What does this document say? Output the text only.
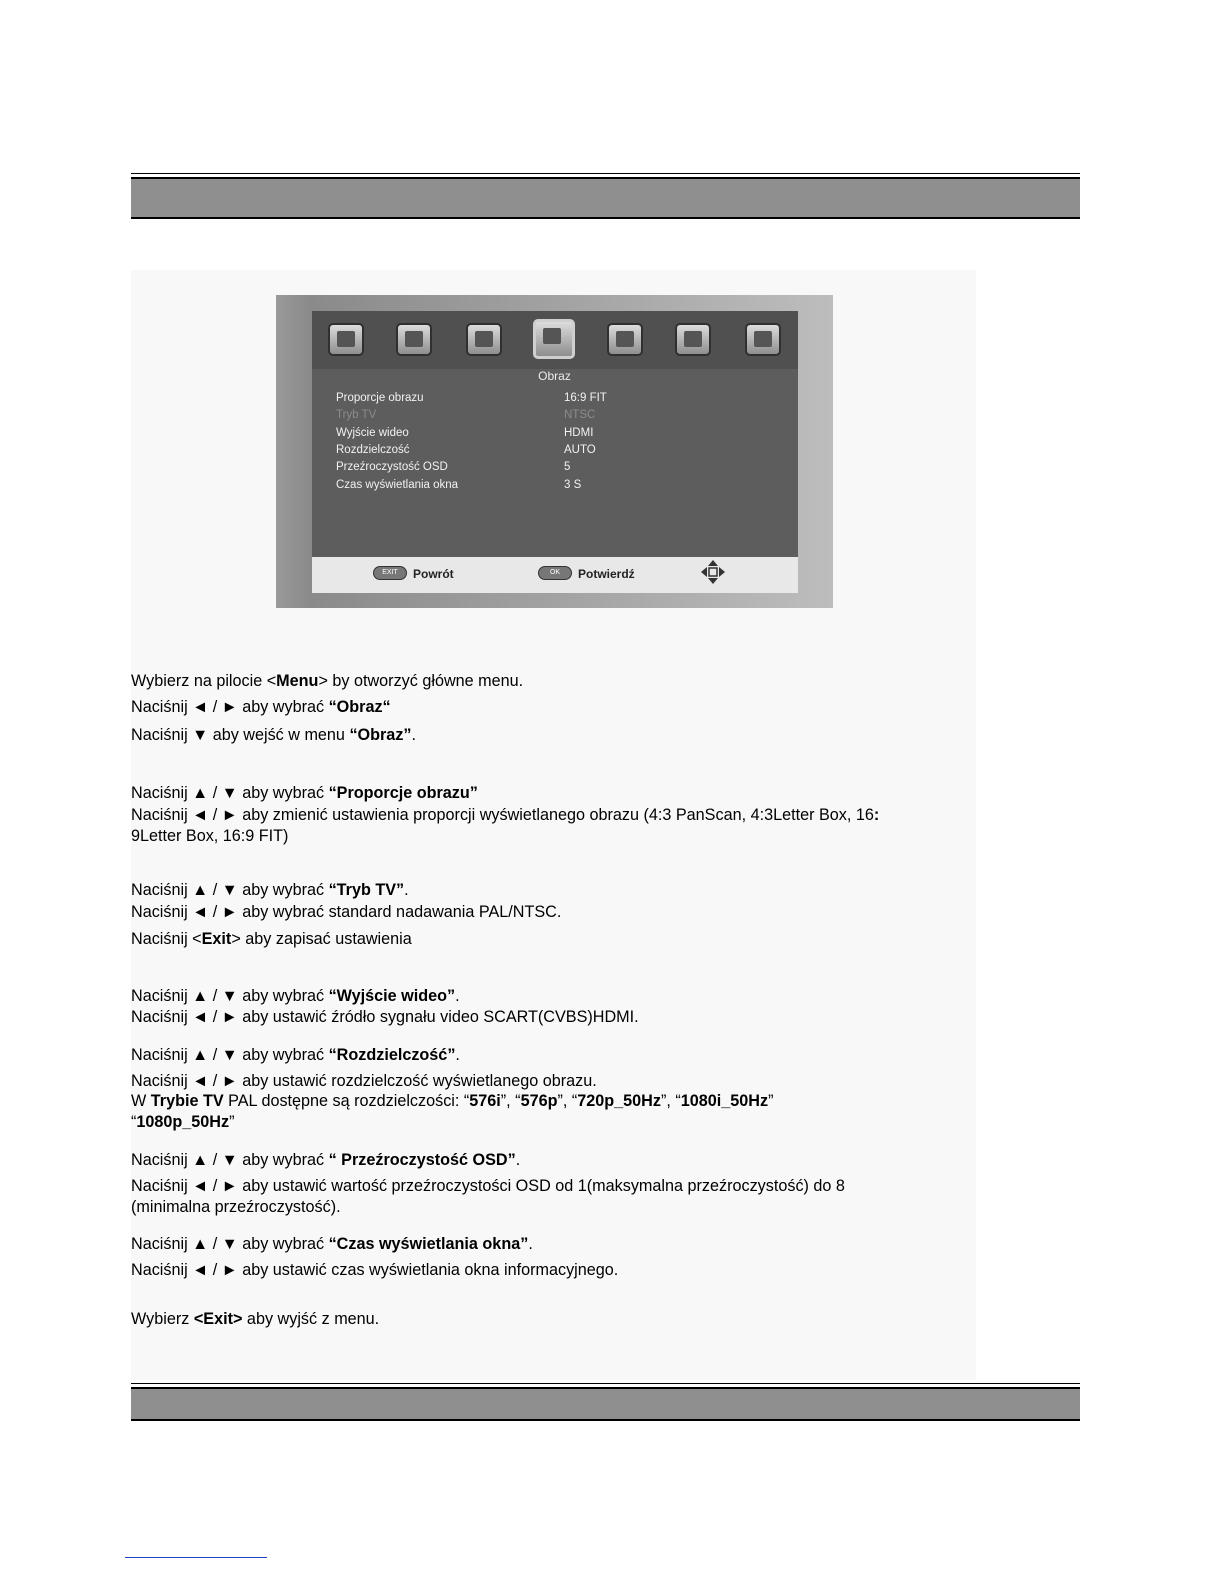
Obraz
Proporcje obrazu	16:9 FIT
Tryb TV	NTSC
Wyjście wideo	HDMI
Rozdzielczość	AUTO
Przeźroczystość OSD	5
Czas wyświetlania okna	3 S
EXIT	Powrót	OK	Potwierdź
Wybierz na pilocie <Menu> by otworzyć główne menu.
Naciśnij ◄ / ► aby wybrać “Obraz“
Naciśnij ▼ aby wejść w menu “Obraz”.
Naciśnij ▲ / ▼ aby wybrać “Proporcje obrazu”
Naciśnij ◄ / ► aby zmienić ustawienia proporcji wyświetlanego obrazu (4:3 PanScan, 4:3Letter Box, 16:
9Letter Box, 16:9 FIT)
Naciśnij ▲ / ▼ aby wybrać “Tryb TV”.
Naciśnij ◄ / ► aby wybrać standard nadawania PAL/NTSC.
Naciśnij <Exit> aby zapisać ustawienia
Naciśnij ▲ / ▼ aby wybrać “Wyjście wideo”.
Naciśnij ◄ / ► aby ustawić źródło sygnału video SCART(CVBS)HDMI.
Naciśnij ▲ / ▼ aby wybrać “Rozdzielczość”.
Naciśnij ◄ / ► aby ustawić rozdzielczość wyświetlanego obrazu.
W Trybie TV PAL dostępne są rozdzielczości: “576i”, “576p”, “720p_50Hz”, “1080i_50Hz”
“1080p_50Hz”
Naciśnij ▲ / ▼ aby wybrać “ Przeźroczystość OSD”.
Naciśnij ◄ / ► aby ustawić wartość przeźroczystości OSD od 1(maksymalna przeźroczystość) do 8
(minimalna przeźroczystość).
Naciśnij ▲ / ▼ aby wybrać “Czas wyświetlania okna”.
Naciśnij ◄ / ► aby ustawić czas wyświetlania okna informacyjnego.
Wybierz <Exit> aby wyjść z menu.
